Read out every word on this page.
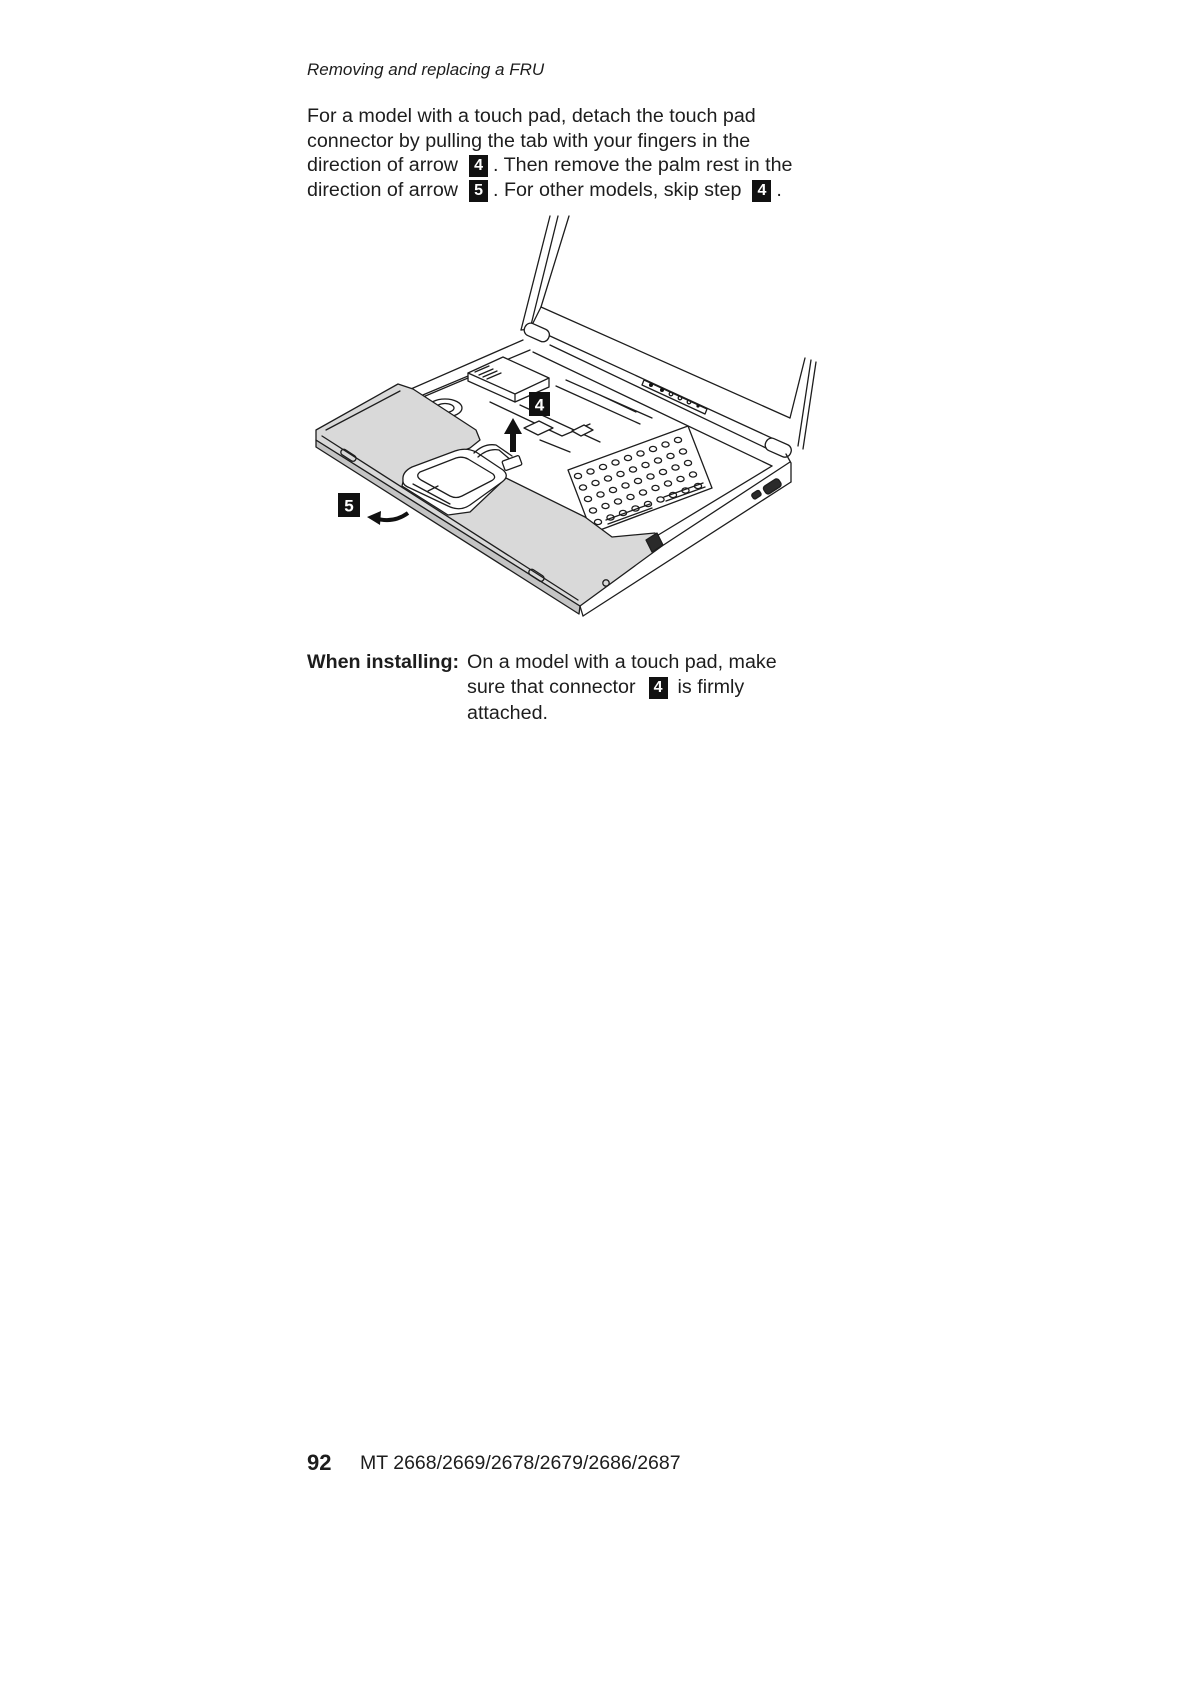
Removing and replacing a FRU
For a model with a touch pad, detach the touch pad
connector by pulling the tab with your fingers in the
direction of arrow 4 . Then remove the palm rest in the
direction of arrow 5 . For other models, skip step 4 .
4
5
When installing: On a model with a touch pad, make
sure that connector 4 is firmly
attached.
92 MT 2668/2669/2678/2679/2686/2687
